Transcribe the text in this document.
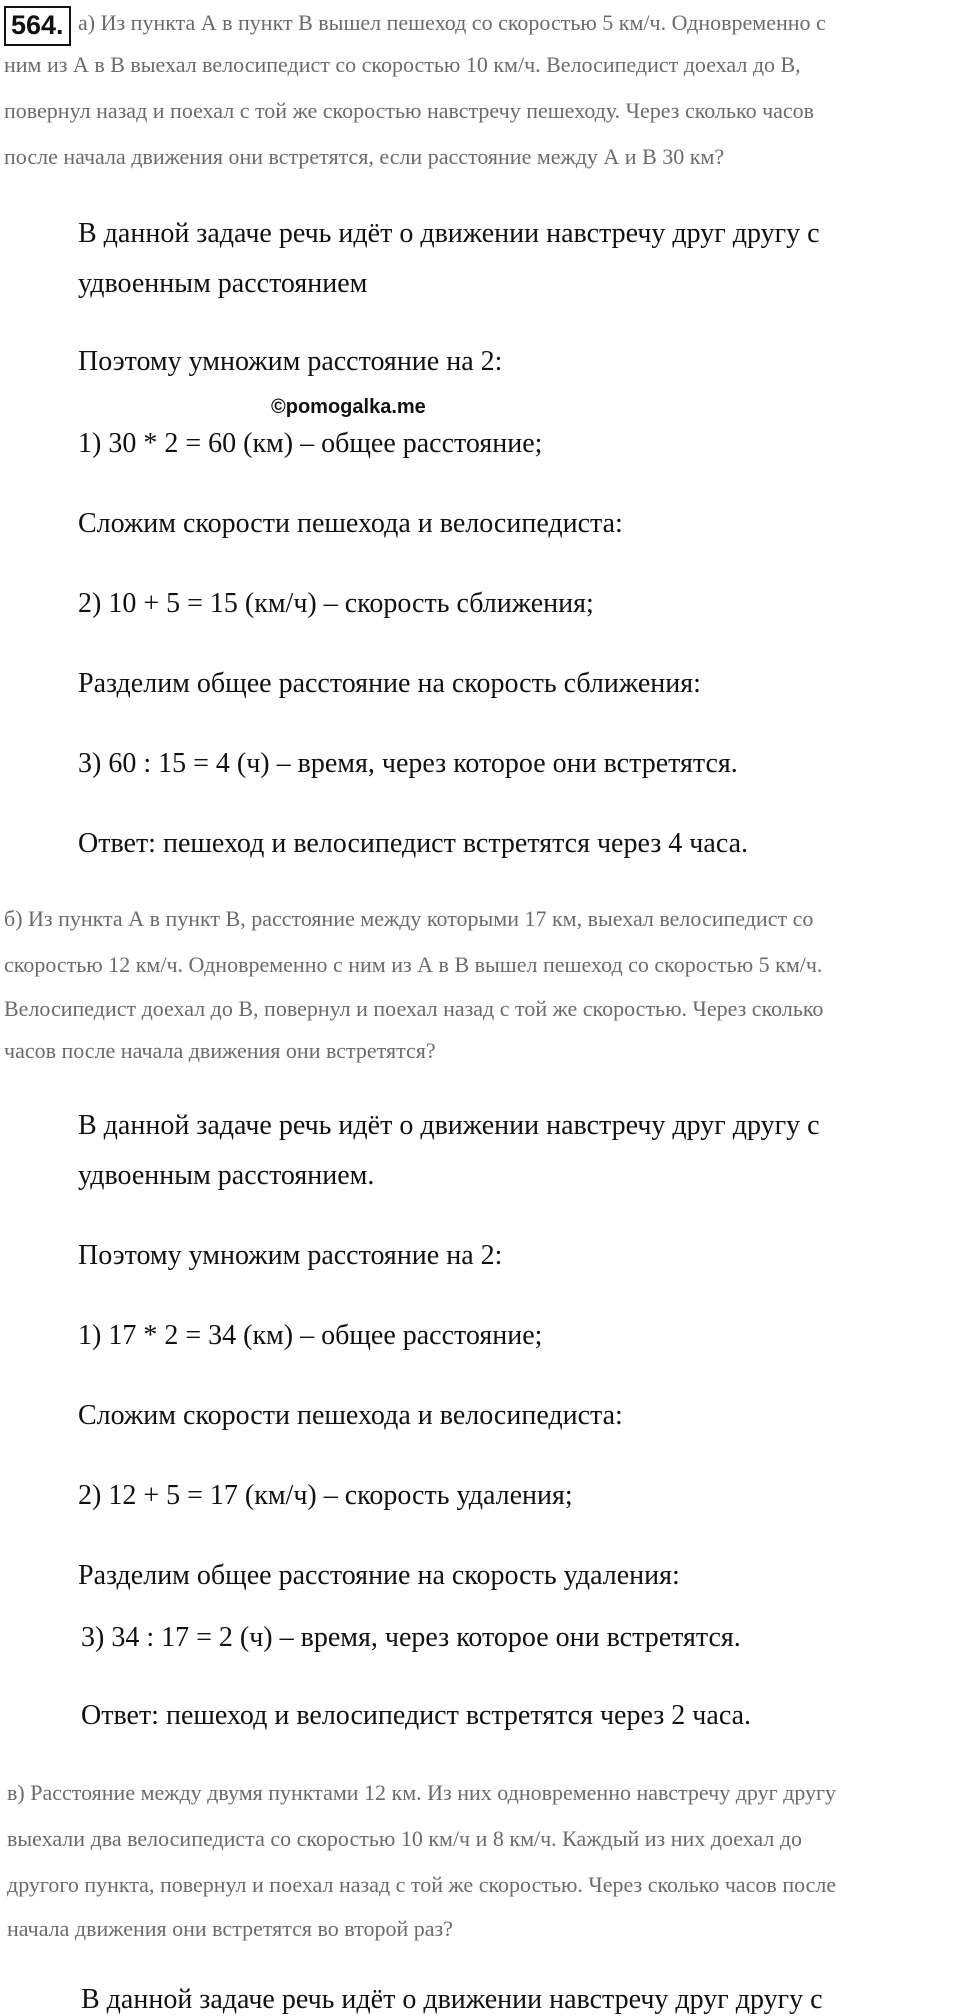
564. а) Из пункта А в пункт В вышел пешеход со скоростью 5 км/ч. Одновременно с
ним из А в В выехал велосипедист со скоростью 10 км/ч. Велосипедист доехал до В,
повернул назад и поехал с той же скоростью навстречу пешеходу. Через сколько часов
после начала движения они встретятся, если расстояние между А и В 30 км?
В данной задаче речь идёт о движении навстречу друг другу с
удвоенным расстоянием
Поэтому умножим расстояние на 2:
©pomogalka.me
1) 30 * 2 = 60 (км) – общее расстояние;
Сложим скорости пешехода и велосипедиста:
2) 10 + 5 = 15 (км/ч) – скорость сближения;
Разделим общее расстояние на скорость сближения:
3) 60 : 15 = 4 (ч) – время, через которое они встретятся.
Ответ: пешеход и велосипедист встретятся через 4 часа.
б) Из пункта А в пункт В, расстояние между которыми 17 км, выехал велосипедист со
скоростью 12 км/ч. Одновременно с ним из А в В вышел пешеход со скоростью 5 км/ч.
Велосипедист доехал до В, повернул и поехал назад с той же скоростью. Через сколько
часов после начала движения они встретятся?
В данной задаче речь идёт о движении навстречу друг другу с
удвоенным расстоянием.
Поэтому умножим расстояние на 2:
1) 17 * 2 = 34 (км) – общее расстояние;
Сложим скорости пешехода и велосипедиста:
2) 12 + 5 = 17 (км/ч) – скорость удаления;
Разделим общее расстояние на скорость удаления:
3) 34 : 17 = 2 (ч) – время, через которое они встретятся.
Ответ: пешеход и велосипедист встретятся через 2 часа.
в) Расстояние между двумя пунктами 12 км. Из них одновременно навстречу друг другу
выехали два велосипедиста со скоростью 10 км/ч и 8 км/ч. Каждый из них доехал до
другого пункта, повернул и поехал назад с той же скоростью. Через сколько часов после
начала движения они встретятся во второй раз?
В данной задаче речь идёт о движении навстречу друг другу с
